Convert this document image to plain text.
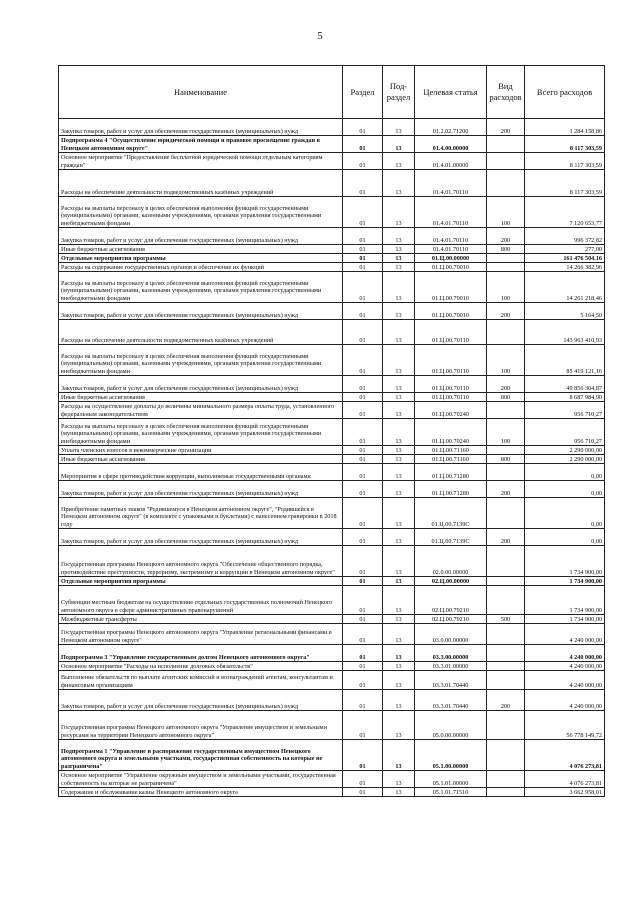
5
Наименование	Раздел	Под-раздел	Целевая статья	Вид расходов	Всего расходов
Закупка товаров, работ и услуг для обеспечения государственных (муниципальных) нужд	01	13	01.2.02.71200	200	1 284 158,86
Подпрограмма 4 "Осуществление юридической помощи и правовое просвещение граждан в Ненецком автономном округе"	01	13	01.4.00.00000		8 117 303,59
Основное мероприятие "Предоставление бесплатной юридической помощи отдельным категориям граждан"	01	13	01.4.01.00000		8 117 303,59
Расходы на обеспечение деятельности подведомственных казённых учреждений	01	13	01.4.01.70110		8 117 303,59
Расходы на выплаты персоналу в целях обеспечения выполнения функций государственными (муниципальными) органами, казенными учреждениями, органами управления государственными внебюджетными фондами	01	13	01.4.01.70110	100	7 120 653,77
Закупка товаров, работ и услуг для обеспечения государственных (муниципальных) нужд	01	13	01.4.01.70110	200	996 372,82
Иные бюджетные ассигнования	01	13	01.4.01.70110	800	277,00
Отдельные мероприятия программы	01	13	01.Ц.00.00000		161 476 504,16
Расходы на содержание государственных органов и обеспечение их функций	01	13	01.Ц.00.70010		14 266 382,96
Расходы на выплаты персоналу в целях обеспечения выполнения функций государственными (муниципальными) органами, казенными учреждениями, органами управления государственными внебюджетными фондами	01	13	01.Ц.00.70010	100	14 261 218,46
Закупка товаров, работ и услуг для обеспечения государственных (муниципальных) нужд	01	13	01.Ц.00.70010	200	5 164,50
Расходы на обеспечение деятельности подведомственных казённых учреждений	01	13	01.Ц.00.70110		143 963 410,93
Расходы на выплаты персоналу в целях обеспечения выполнения функций государственными (муниципальными) органами, казенными учреждениями, органами управления государственными внебюджетными фондами	01	13	01.Ц.00.70110	100	85 419 121,16
Закупка товаров, работ и услуг для обеспечения государственных (муниципальных) нужд	01	13	01.Ц.00.70110	200	49 856 304,87
Иные бюджетные ассигнования	01	13	01.Ц.00.70110	800	8 687 984,90
Расходы на осуществление доплаты до величины минимального размера оплаты труда, установленного федеральным законодательством	01	13	01.Ц.00.70240		956 710,27
Расходы на выплаты персоналу в целях обеспечения выполнения функций государственными (муниципальными) органами, казенными учреждениями, органами управления государственными внебюджетными фондами	01	13	01.Ц.00.70240	100	956 710,27
Уплата членских взносов в некоммерческие организации	01	13	01.Ц.00.71160		2 290 000,00
Иные бюджетные ассигнования	01	13	01.Ц.00.71160	800	2 290 000,00
Мероприятия в сфере противодействия коррупции, выполняемые государственными органами	01	13	01.Ц.00.71280		0,00
Закупка товаров, работ и услуг для обеспечения государственных (муниципальных) нужд	01	13	01.Ц.00.71280	200	0,00
Приобретение памятных знаков "Родившемуся в Ненецком автономном округе", "Родившейся в Ненецком автономном округе" (в комплекте с упаковками и буклетами) с нанесением гравировки в 2018 году	01	13	01.Ц.00.7139С		0,00
Закупка товаров, работ и услуг для обеспечения государственных (муниципальных) нужд	01	13	01.Ц.00.7139С	200	0,00
Государственная программа Ненецкого автономного округа "Обеспечение общественного порядка, противодействие преступности, терроризму, экстремизму и коррупции в Ненецком автономном округе"	01	13	02.0.00.00000		1 734 900,00
Отдельные мероприятия программы	01	13	02.Ц.00.00000		1 734 900,00
Субвенции местным бюджетам на осуществление отдельных государственных полномочий Ненецкого автономного округа в сфере административных правонарушений	01	13	02.Ц.00.79210		1 734 900,00
Межбюджетные трансферты	01	13	02.Ц.00.79210	500	1 734 900,00
Государственная программа Ненецкого автономного округа "Управление региональными финансами в Ненецком автономном округе"	01	13	03.0.00.00000		4 240 000,00
Подпрограмма 3 "Управление государственным долгом Ненецкого автономного округа"	01	13	03.3.00.00000		4 240 000,00
Основное мероприятие "Расходы на исполнение долговых обязательств"	01	13	03.3.01.00000		4 240 000,00
Выполнение обязательств по выплате агентских комиссий и вознаграждений агентам, консультантам и финансовым организациям	01	13	03.3.01.70440		4 240 000,00
Закупка товаров, работ и услуг для обеспечения государственных (муниципальных) нужд	01	13	03.3.01.70440	200	4 240 000,00
Государственная программа Ненецкого автономного округа "Управление имуществом и земельными ресурсами на территории Ненецкого автономного округа"	01	13	05.0.00.00000		56 778 149,72
Подпрограмма 1 "Управление и распоряжение государственным имуществом Ненецкого автономного округа и земельными участками, государственная собственность на которые не разграничена"	01	13	05.1.00.00000		4 076 273,81
Основное мероприятие "Управление окружным имуществом и земельными участками, государственная собственность на которые не разграничена"	01	13	05.1.01.00000		4 076 273,81
Содержание и обслуживание казны Ненецкого автономного округа	01	13	05.1.01.71510		3 662 958,01
